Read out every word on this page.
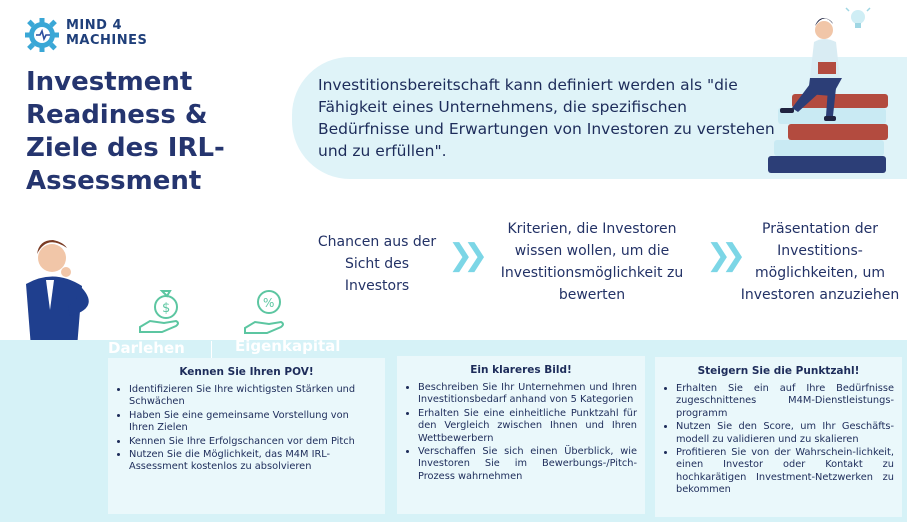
MIND 4
MACHINES
Investment Readiness & Ziele des IRL-Assessment
Investitionsbereitschaft kann definiert werden als "die Fähigkeit eines Unternehmens, die spezifischen Bedürfnisse und Erwartungen von Investoren zu verstehen und zu erfüllen".
$	%
Chancen aus der Sicht des Investors
❯❯
Kriterien, die Investoren wissen wollen, um die Investitionsmöglichkeit zu bewerten
❯❯
Präsentation der Investitions-möglichkeiten, um Investoren anzuziehen
Darlehen	Eigenkapital
Kennen Sie Ihren POV!
• Identifizieren Sie Ihre wichtigsten Stärken und Schwächen
• Haben Sie eine gemeinsame Vorstellung von Ihren Zielen
• Kennen Sie Ihre Erfolgschancen vor dem Pitch
• Nutzen Sie die Möglichkeit, das M4M IRL-Assessment kostenlos zu absolvieren
Ein klareres Bild!
• Beschreiben Sie Ihr Unternehmen und Ihren Investitionsbedarf anhand von 5 Kategorien
• Erhalten Sie eine einheitliche Punktzahl für den Vergleich zwischen Ihnen und Ihren Wettbewerbern
• Verschaffen Sie sich einen Überblick, wie Investoren Sie im Bewerbungs-/Pitch-Prozess wahrnehmen
Steigern Sie die Punktzahl!
• Erhalten Sie ein auf Ihre Bedürfnisse zugeschnittenes M4M-Dienstleistungs-programm
• Nutzen Sie den Score, um Ihr Geschäfts-modell zu validieren und zu skalieren
• Profitieren Sie von der Wahrschein-lichkeit, einen Investor oder Kontakt zu hochkarätigen Investment-Netzwerken zu bekommen
